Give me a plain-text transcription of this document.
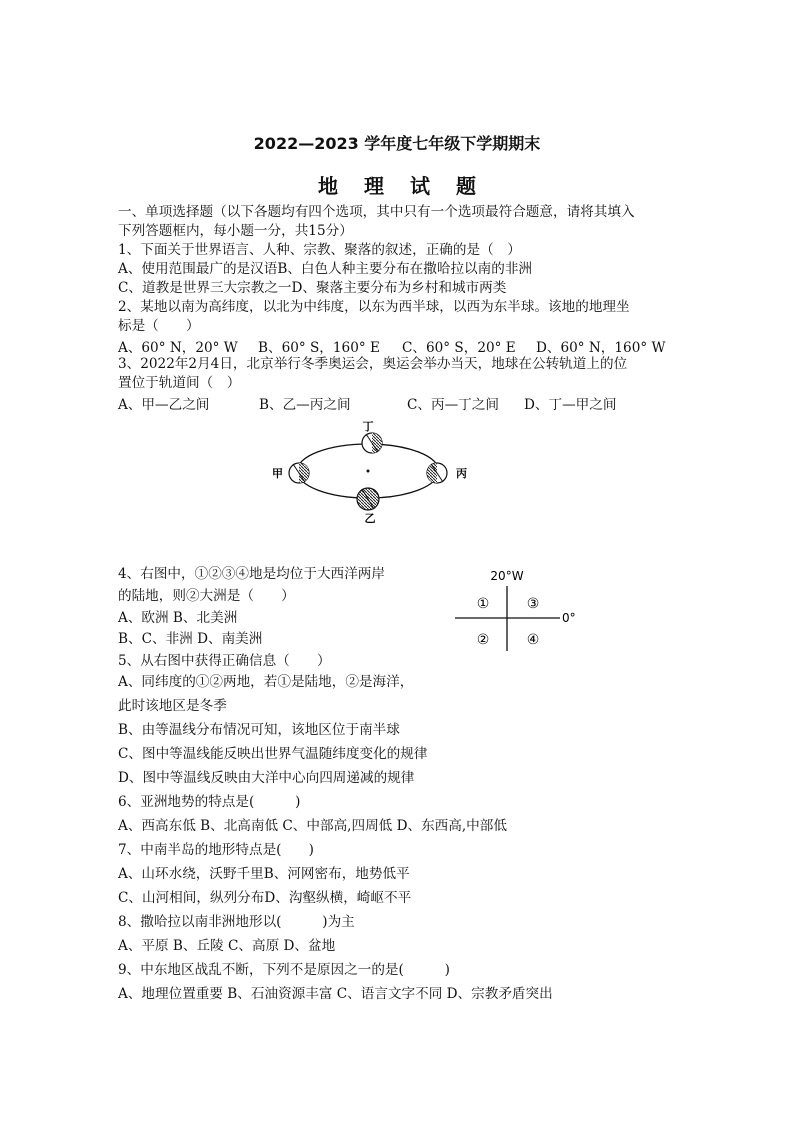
2022—2023 学年度七年级下学期期末
地理试题
一、单项选择题（以下各题均有四个选项，其中只有一个选项最符合题意，请将其填入
下列答题框内，每小题一分，共15分）
1、下面关于世界语言、人种、宗教、聚落的叙述，正确的是（　）
A、使用范围最广的是汉语B、白色人种主要分布在撒哈拉以南的非洲
C、道教是世界三大宗教之一D、聚落主要分布为乡村和城市两类
2、某地以南为高纬度，以北为中纬度，以东为西半球，以西为东半球。该地的地理坐
标是（　　）
A、60° N，20° W B、60° S，160° E C、60° S，20° E D、60° N，160° W
3、2022年2月4日，北京举行冬季奥运会，奥运会举办当天，地球在公转轨道上的位
置位于轨道间（　）
A、甲—乙之间	B、乙—丙之间	C、丙—丁之间 D、丁—甲之间
丁
甲	丙
乙
4、右图中，①②③④地是均位于大西洋两岸
的陆地，则②大洲是（　　）
A、欧洲 B、北美洲
B、C、非洲 D、南美洲
20°W
0°
①	③
②	④
5、从右图中获得正确信息（　　）
A、同纬度的①②两地，若①是陆地，②是海洋，
此时该地区是冬季
B、由等温线分布情况可知，该地区位于南半球
C、图中等温线能反映出世界气温随纬度变化的规律
D、图中等温线反映由大洋中心向四周递减的规律
6、亚洲地势的特点是(　　　)
A、西高东低 B、北高南低 C、中部高,四周低 D、东西高,中部低
7、中南半岛的地形特点是(　　)
A、山环水绕，沃野千里B、河网密布，地势低平
C、山河相间，纵列分布D、沟壑纵横，崎岖不平
8、撒哈拉以南非洲地形以(　　　)为主
A、平原 B、丘陵 C、高原 D、盆地
9、中东地区战乱不断，下列不是原因之一的是(　　　)
A、地理位置重要 B、石油资源丰富 C、语言文字不同 D、宗教矛盾突出
